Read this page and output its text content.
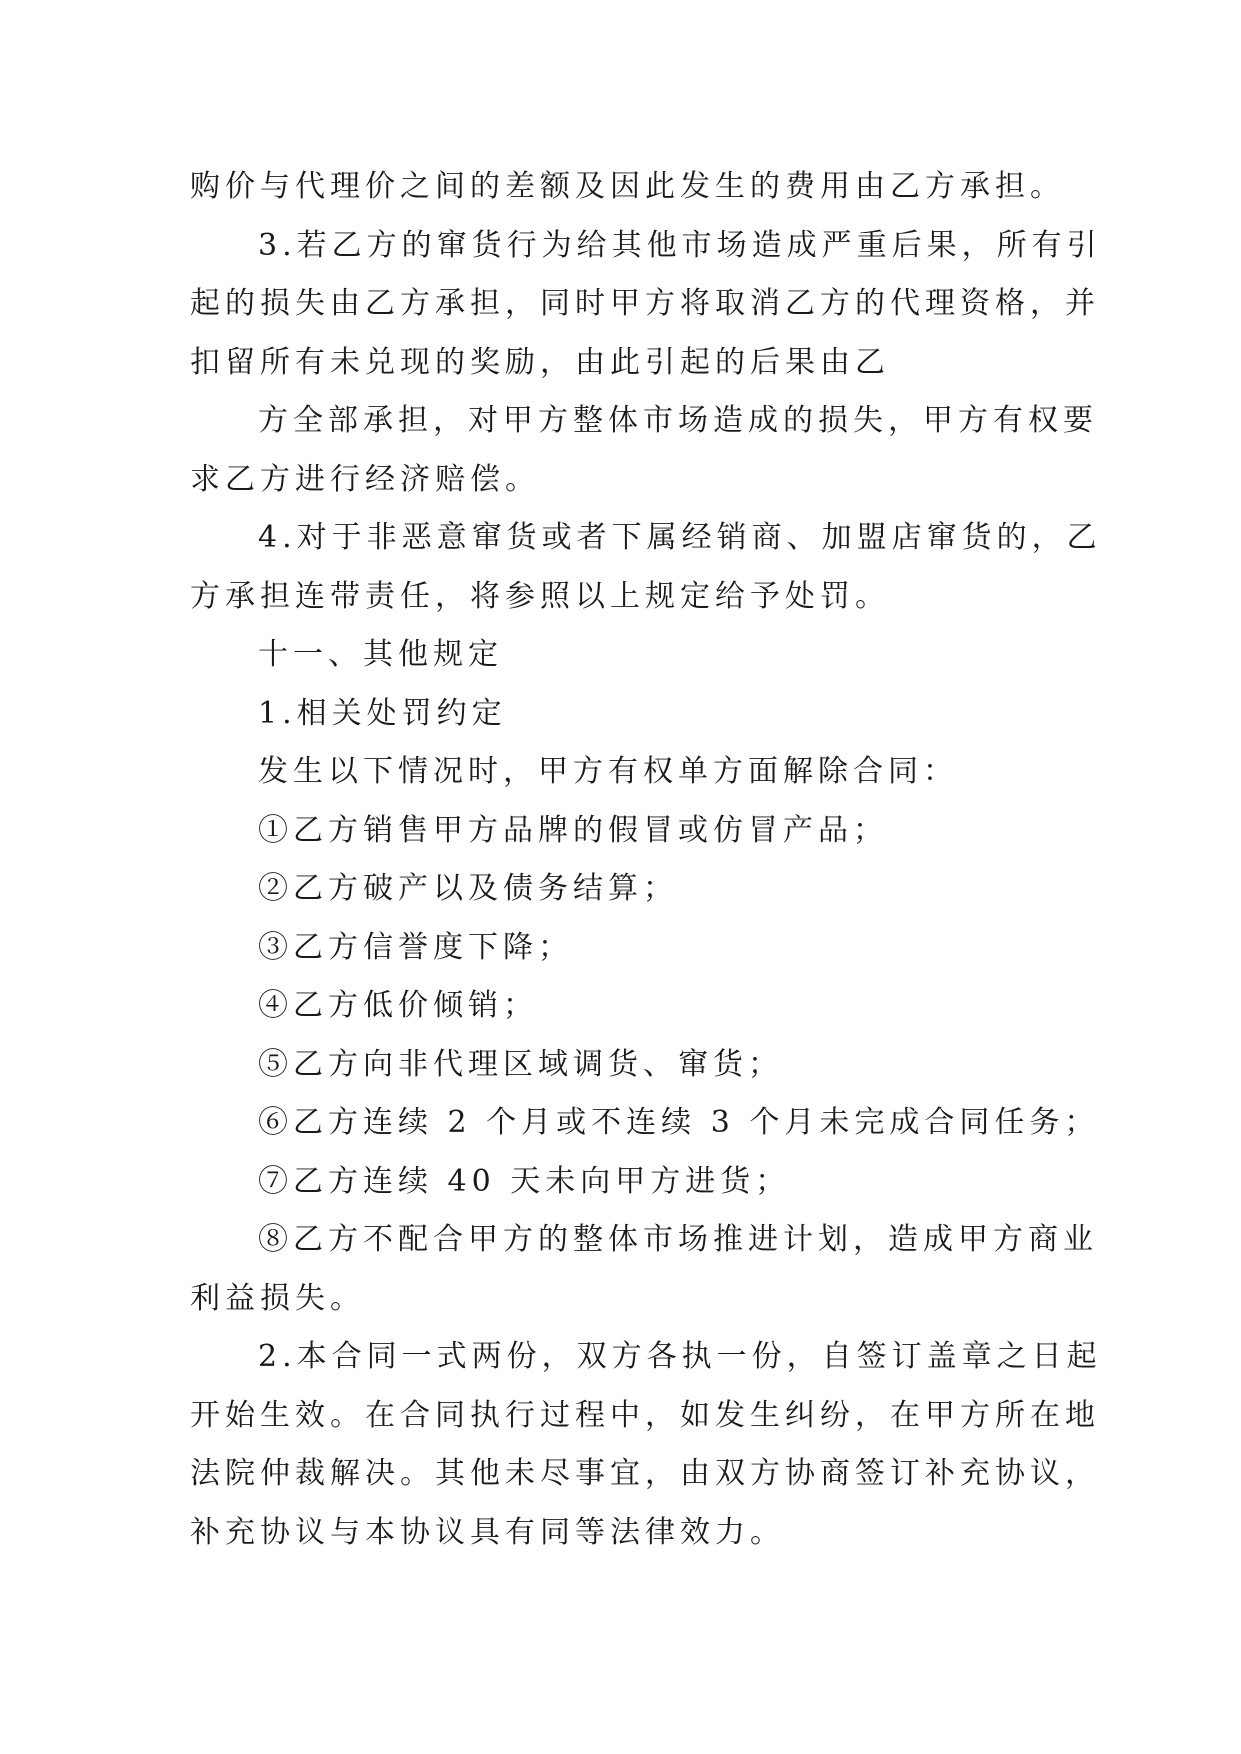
购价与代理价之间的差额及因此发生的费用由乙方承担。
3.若乙方的窜货行为给其他市场造成严重后果，所有引
起的损失由乙方承担，同时甲方将取消乙方的代理资格，并
扣留所有未兑现的奖励，由此引起的后果由乙
方全部承担，对甲方整体市场造成的损失，甲方有权要
求乙方进行经济赔偿。
4.对于非恶意窜货或者下属经销商、加盟店窜货的，乙
方承担连带责任，将参照以上规定给予处罚。
十一、其他规定
1.相关处罚约定
发生以下情况时，甲方有权单方面解除合同：
①乙方销售甲方品牌的假冒或仿冒产品；
②乙方破产以及债务结算；
③乙方信誉度下降；
④乙方低价倾销；
⑤乙方向非代理区域调货、窜货；
⑥乙方连续 2 个月或不连续 3 个月未完成合同任务；
⑦乙方连续 40 天未向甲方进货；
⑧乙方不配合甲方的整体市场推进计划，造成甲方商业
利益损失。
2.本合同一式两份，双方各执一份，自签订盖章之日起
开始生效。在合同执行过程中，如发生纠纷，在甲方所在地
法院仲裁解决。其他未尽事宜，由双方协商签订补充协议，
补充协议与本协议具有同等法律效力。
